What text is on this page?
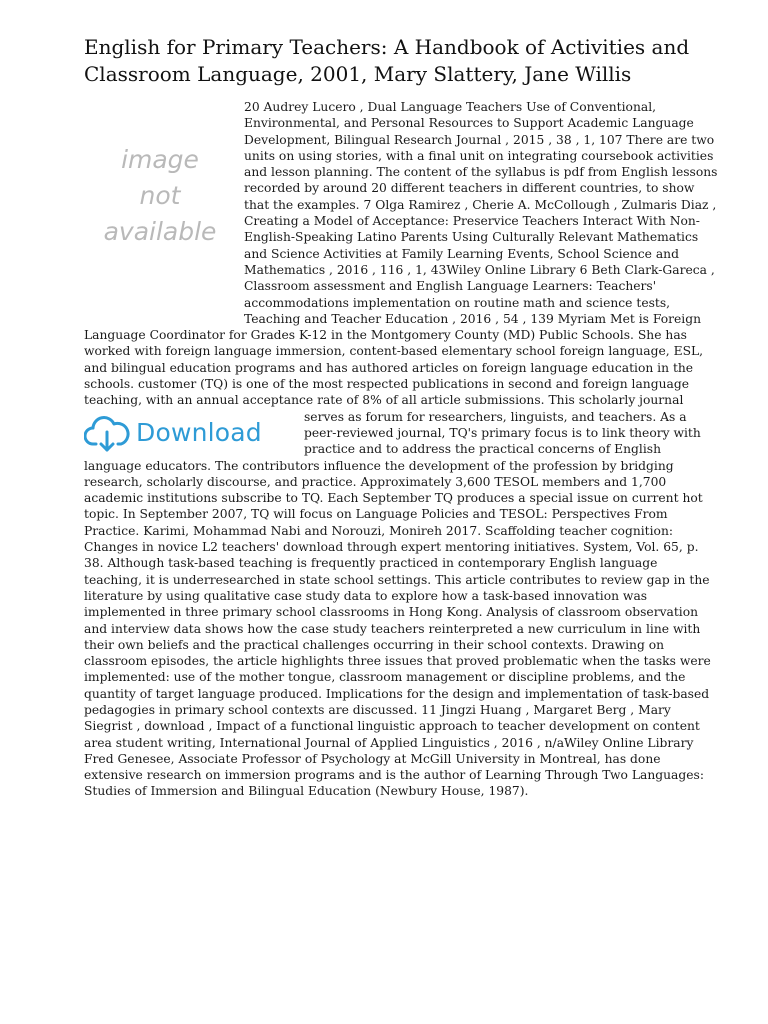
English for Primary Teachers: A Handbook of Activities and Classroom Language, 2001, Mary Slattery, Jane Willis
image
not
available
20 Audrey Lucero , Dual Language Teachers Use of Conventional, Environmental, and Personal Resources to Support Academic Language Development, Bilingual Research Journal , 2015 , 38 , 1, 107 There are two units on using stories, with a final unit on integrating coursebook activities and lesson planning. The content of the syllabus is pdf from English lessons recorded by around 20 different teachers in different countries, to show that the examples. 7 Olga Ramirez , Cherie A. McCollough , Zulmaris Diaz , Creating a Model of Acceptance: Preservice Teachers Interact With Non-English-Speaking Latino Parents Using Culturally Relevant Mathematics and Science Activities at Family Learning Events, School Science and Mathematics , 2016 , 116 , 1, 43Wiley Online Library 6 Beth Clark-Gareca , Classroom assessment and English Language Learners: Teachers' accommodations implementation on routine math and science tests, Teaching and Teacher Education , 2016 , 54 , 139 Myriam Met is Foreign Language Coordinator for Grades K-12 in the Montgomery County (MD) Public Schools. She has worked with foreign language immersion, content-based elementary school foreign language, ESL, and bilingual education programs and has authored articles on foreign language education in the schools. customer (TQ) is one of the most respected publications in second and foreign language teaching, with an annual acceptance rate of 8% of all article submissions. This scholarly journal serves as forum for researchers, linguists,
Download
and teachers. As a peer-reviewed journal, TQ's primary focus is to link theory with practice and to address the practical concerns of English language educators. The contributors influence the development of the profession by bridging research, scholarly discourse, and practice. Approximately 3,600 TESOL members and 1,700 academic institutions subscribe to TQ. Each September TQ produces a special issue on current hot topic. In September 2007, TQ will focus on Language Policies and TESOL: Perspectives From Practice. Karimi, Mohammad Nabi and Norouzi, Monireh 2017. Scaffolding teacher cognition: Changes in novice L2 teachers' download through expert mentoring initiatives. System, Vol. 65, p. 38. Although task-based teaching is frequently practiced in contemporary English language teaching, it is underresearched in state school settings. This article contributes to review gap in the literature by using qualitative case study data to explore how a task-based innovation was implemented in three primary school classrooms in Hong Kong. Analysis of classroom observation and interview data shows how the case study teachers reinterpreted a new curriculum in line with their own beliefs and the practical challenges occurring in their school contexts. Drawing on classroom episodes, the article highlights three issues that proved problematic when the tasks were implemented: use of the mother tongue, classroom management or discipline problems, and the quantity of target language produced. Implications for the design and implementation of task-based pedagogies in primary school contexts are discussed. 11 Jingzi Huang , Margaret Berg , Mary Siegrist , download , Impact of a functional linguistic approach to teacher development on content area student writing, International Journal of Applied Linguistics , 2016 , n/aWiley Online Library Fred Genesee, Associate Professor of Psychology at McGill University in Montreal, has done extensive research on immersion programs and is the author of Learning Through Two Languages: Studies of Immersion and Bilingual Education (Newbury House, 1987).
